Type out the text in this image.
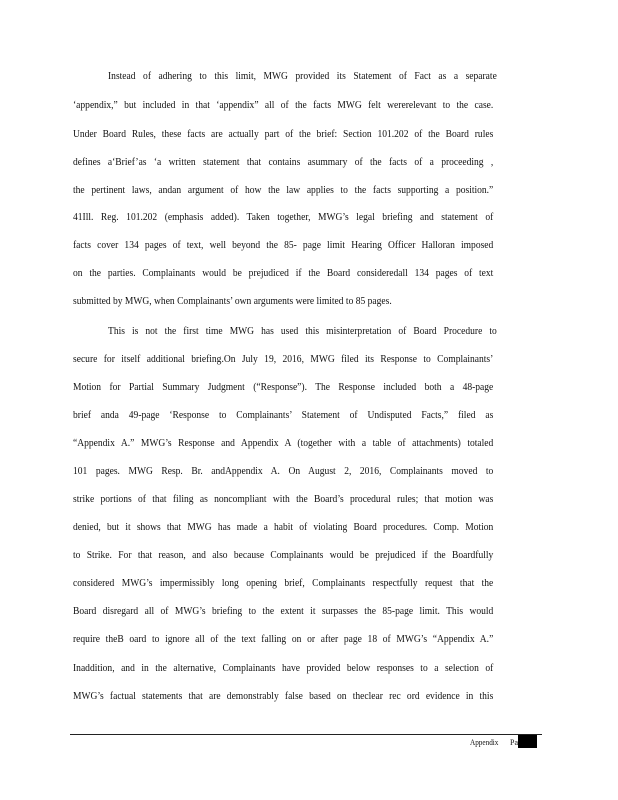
Instead of adhering to this limit, MWG provided its Statement of Fact as a separate
‘appendix,” but included in that ‘appendix” all of the facts MWG felt wererelevant to the case.
Under Board Rules, these facts are actually part of the brief: Section 101.202 of the Board rules
defines a‘Brief’as ‘a written statement that contains asummary of the facts of a proceeding ,
the pertinent laws, andan argument of how the law applies to the facts supporting a position.”
41Ill. Reg. 101.202 (emphasis added). Taken together, MWG’s legal briefing and statement of
facts cover 134 pages of text, well beyond the 85- page limit Hearing Officer Halloran imposed
on the parties. Complainants would be prejudiced if the Board consideredall 134 pages of text
submitted by MWG, when Complainants’ own arguments were limited to 85 pages.
This is not the first time MWG has used this misinterpretation of Board Procedure to
secure for itself additional briefing.On July 19, 2016, MWG filed its Response to Complainants’
Motion for Partial Summary Judgment (“Response”). The Response included both a 48-page
brief anda 49-page ‘Response to Complainants’ Statement of Undisputed Facts,” filed as
“Appendix A.” MWG’s Response and Appendix A (together with a table of attachments) totaled
101 pages. MWG Resp. Br. andAppendix A. On August 2, 2016, Complainants moved to
strike portions of that filing as noncompliant with the Board’s procedural rules; that motion was
denied, but it shows that MWG has made a habit of violating Board procedures. Comp. Motion
to Strike. For that reason, and also because Complainants would be prejudiced if the Boardfully
considered MWG’s impermissibly long opening brief, Complainants respectfully request that the
Board disregard all of MWG’s briefing to the extent it surpasses the 85-page limit. This would
require theB oard to ignore all of the text falling on or after page 18 of MWG’s “Appendix A.”
Inaddition, and in the alternative, Complainants have provided below responses to a selection of
MWG’s factual statements that are demonstrably false based on theclear rec ord evidence in this
Appendix Pa
